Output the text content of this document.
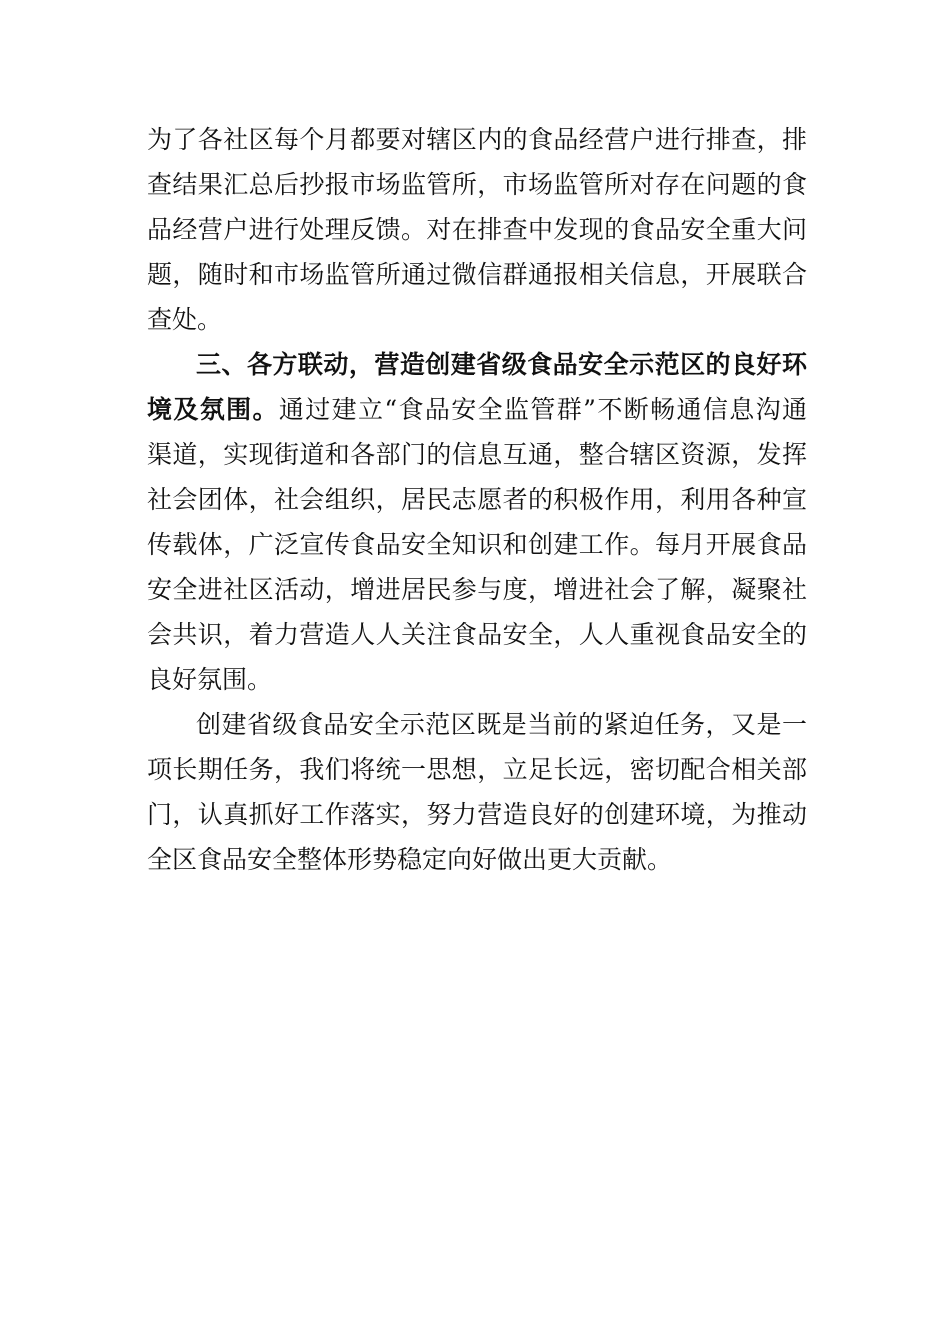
为了各社区每个月都要对辖区内的食品经营户进行排查，排
查结果汇总后抄报市场监管所，市场监管所对存在问题的食
品经营户进行处理反馈。对在排查中发现的食品安全重大问
题，随时和市场监管所通过微信群通报相关信息，开展联合
查处。
三、各方联动，营造创建省级食品安全示范区的良好环
境及氛围。通过建立“食品安全监管群”不断畅通信息沟通
渠道，实现街道和各部门的信息互通，整合辖区资源，发挥
社会团体，社会组织，居民志愿者的积极作用，利用各种宣
传载体，广泛宣传食品安全知识和创建工作。每月开展食品
安全进社区活动，增进居民参与度，增进社会了解，凝聚社
会共识，着力营造人人关注食品安全，人人重视食品安全的
良好氛围。
创建省级食品安全示范区既是当前的紧迫任务，又是一
项长期任务，我们将统一思想，立足长远，密切配合相关部
门，认真抓好工作落实，努力营造良好的创建环境，为推动
全区食品安全整体形势稳定向好做出更大贡献。
